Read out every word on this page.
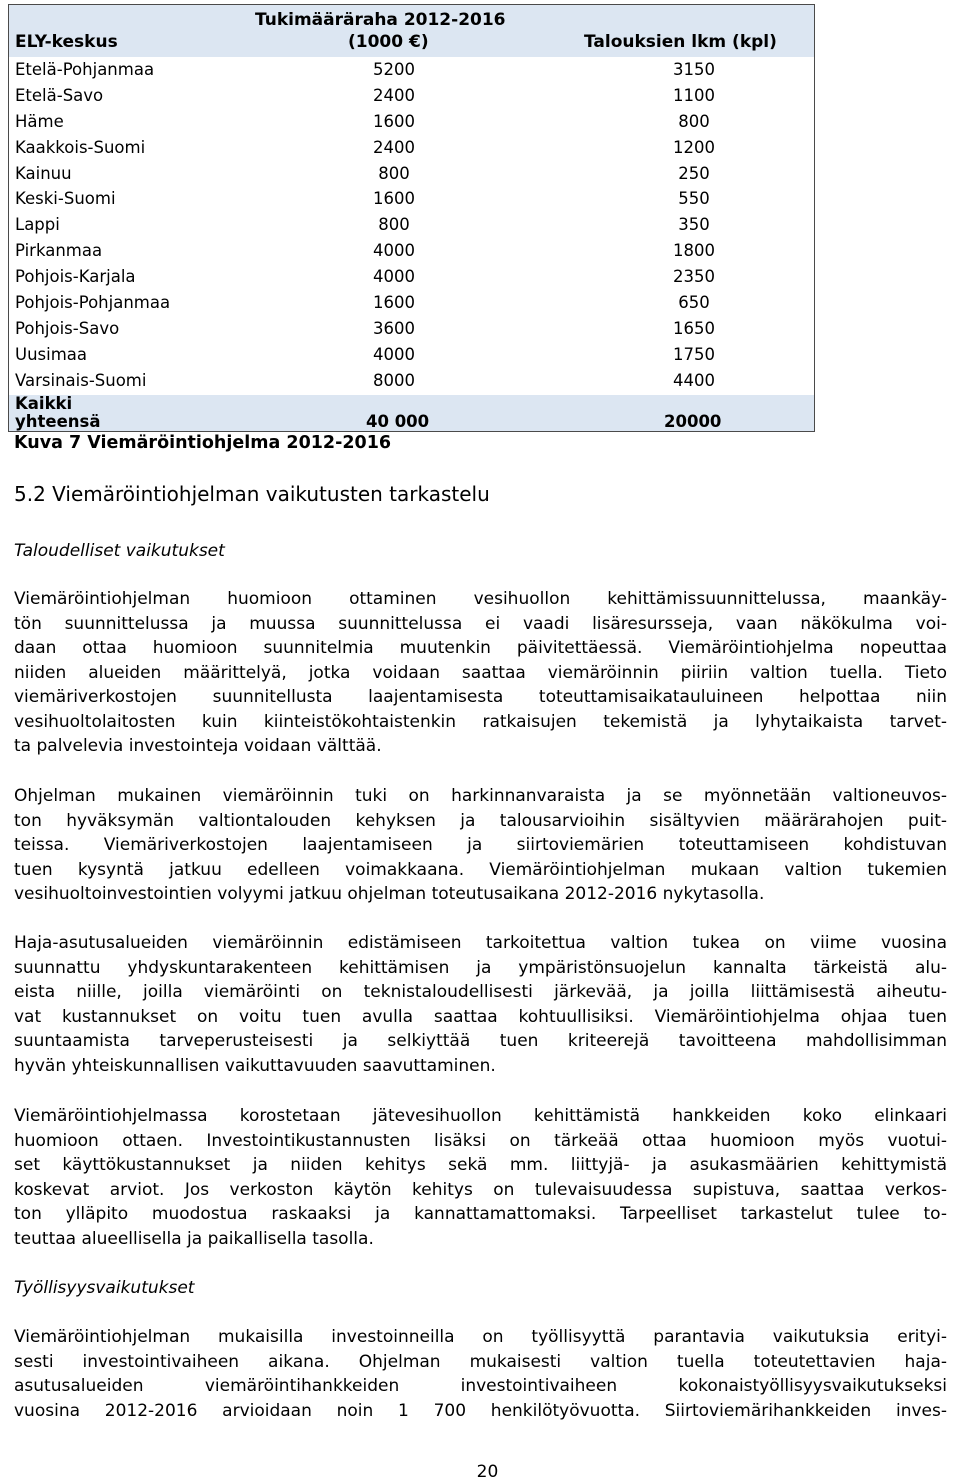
Tukimääräraha 2012-2016
ELY-keskus	(1000 €)	Talouksien lkm (kpl)
Etelä-Pohjanmaa	5200	3150
Etelä-Savo	2400	1100
Häme	1600	800
Kaakkois-Suomi	2400	1200
Kainuu	800	250
Keski-Suomi	1600	550
Lappi	800	350
Pirkanmaa	4000	1800
Pohjois-Karjala	4000	2350
Pohjois-Pohjanmaa	1600	650
Pohjois-Savo	3600	1650
Uusimaa	4000	1750
Varsinais-Suomi	8000	4400
Kaikki
yhteensä	40 000	20000
Kuva 7 Viemäröintiohjelma 2012-2016
5.2 Viemäröintiohjelman vaikutusten tarkastelu
Taloudelliset vaikutukset
Viemäröintiohjelman huomioon ottaminen vesihuollon kehittämissuunnittelussa, maankäy-
tön suunnittelussa ja muussa suunnittelussa ei vaadi lisäresursseja, vaan näkökulma voi-
daan ottaa huomioon suunnitelmia muutenkin päivitettäessä. Viemäröintiohjelma nopeuttaa
niiden alueiden määrittelyä, jotka voidaan saattaa viemäröinnin piiriin valtion tuella. Tieto
viemäriverkostojen suunnitellusta laajentamisesta toteuttamisaikatauluineen helpottaa niin
vesihuoltolaitosten kuin kiinteistökohtaistenkin ratkaisujen tekemistä ja lyhytaikaista tarvet-
ta palvelevia investointeja voidaan välttää.
Ohjelman mukainen viemäröinnin tuki on harkinnanvaraista ja se myönnetään valtioneuvos-
ton hyväksymän valtiontalouden kehyksen ja talousarvioihin sisältyvien määrärahojen puit-
teissa. Viemäriverkostojen laajentamiseen ja siirtoviemärien toteuttamiseen kohdistuvan
tuen kysyntä jatkuu edelleen voimakkaana. Viemäröintiohjelman mukaan valtion tukemien
vesihuoltoinvestointien volyymi jatkuu ohjelman toteutusaikana 2012-2016 nykytasolla.
Haja-asutusalueiden viemäröinnin edistämiseen tarkoitettua valtion tukea on viime vuosina
suunnattu yhdyskuntarakenteen kehittämisen ja ympäristönsuojelun kannalta tärkeistä alu-
eista niille, joilla viemäröinti on teknistaloudellisesti järkevää, ja joilla liittämisestä aiheutu-
vat kustannukset on voitu tuen avulla saattaa kohtuullisiksi. Viemäröintiohjelma ohjaa tuen
suuntaamista tarveperusteisesti ja selkiyttää tuen kriteerejä tavoitteena mahdollisimman
hyvän yhteiskunnallisen vaikuttavuuden saavuttaminen.
Viemäröintiohjelmassa korostetaan jätevesihuollon kehittämistä hankkeiden koko elinkaari
huomioon ottaen. Investointikustannusten lisäksi on tärkeää ottaa huomioon myös vuotui-
set käyttökustannukset ja niiden kehitys sekä mm. liittyjä- ja asukasmäärien kehittymistä
koskevat arviot. Jos verkoston käytön kehitys on tulevaisuudessa supistuva, saattaa verkos-
ton ylläpito muodostua raskaaksi ja kannattamattomaksi. Tarpeelliset tarkastelut tulee to-
teuttaa alueellisella ja paikallisella tasolla.
Työllisyysvaikutukset
Viemäröintiohjelman mukaisilla investoinneilla on työllisyyttä parantavia vaikutuksia erityi-
sesti investointivaiheen aikana. Ohjelman mukaisesti valtion tuella toteutettavien haja-
asutusalueiden viemäröintihankkeiden investointivaiheen kokonaistyöllisyysvaikutukseksi
vuosina 2012-2016 arvioidaan noin 1 700 henkilötyövuotta. Siirtoviemärihankkeiden inves-
20
